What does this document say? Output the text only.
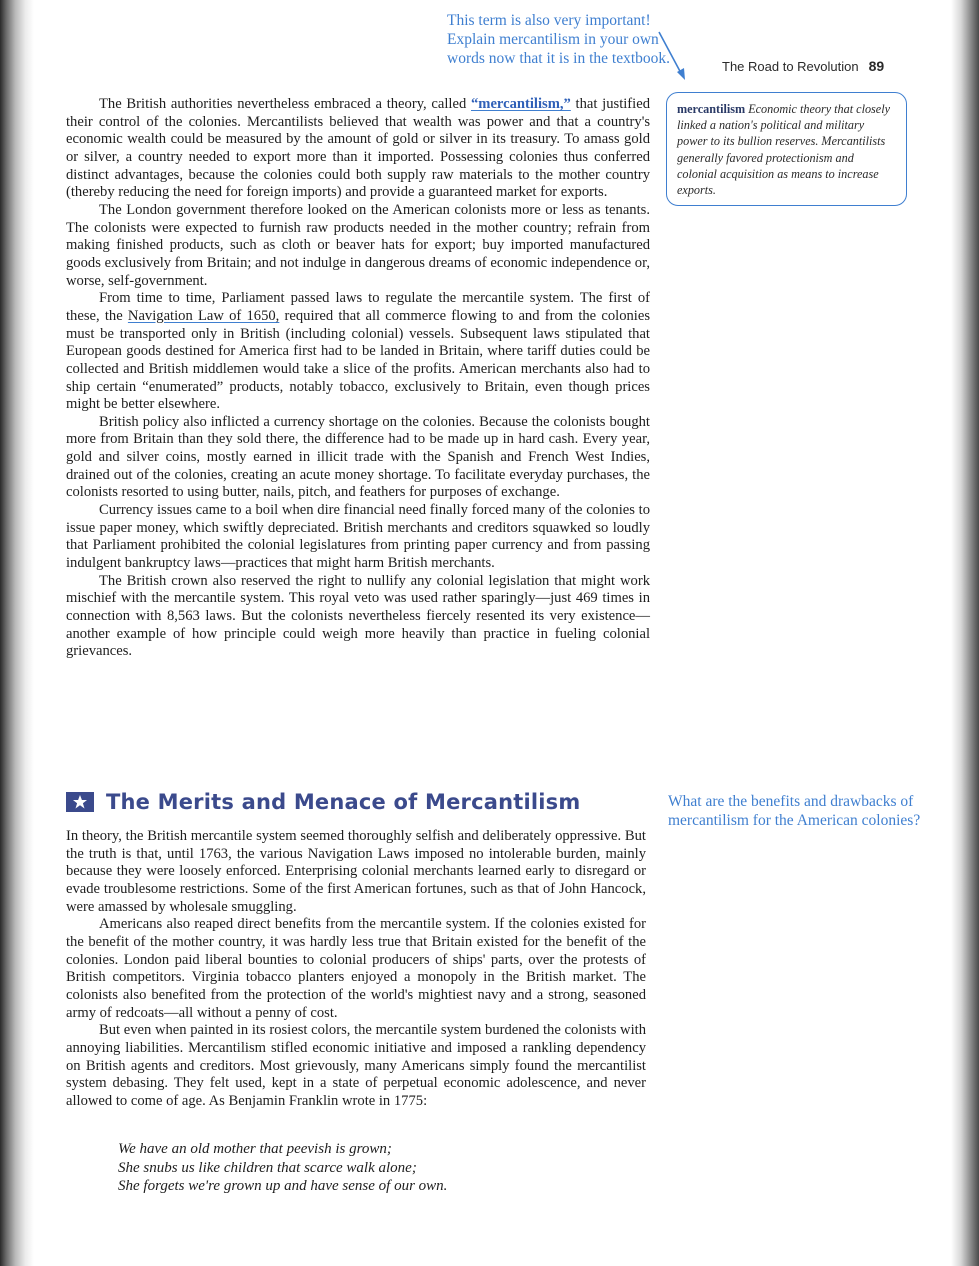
This term is also very important! Explain mercantilism in your own words now that it is in the textbook.	The Road to Revolution 89
mercantilism Economic theory that closely linked a nation's political and military power to its bullion reserves. Mercantilists generally favored protectionism and colonial acquisition as means to increase exports.

The British authorities nevertheless embraced a theory, called “mercantilism,” that justified their control of the colonies. Mercantilists believed that wealth was power and that a country's economic wealth could be measured by the amount of gold or silver in its treasury. To amass gold or silver, a country needed to export more than it imported. Possessing colonies thus conferred distinct advantages, because the colonies could both supply raw materials to the mother country (thereby reducing the need for foreign imports) and provide a guaranteed market for exports.

The London government therefore looked on the American colonists more or less as tenants. The colonists were expected to furnish raw products needed in the mother country; refrain from making finished products, such as cloth or beaver hats for export; buy imported manufactured goods exclusively from Britain; and not indulge in dangerous dreams of economic independence or, worse, self-government.

From time to time, Parliament passed laws to regulate the mercantile system. The first of these, the Navigation Law of 1650, required that all commerce flowing to and from the colonies must be transported only in British (including colonial) vessels. Subsequent laws stipulated that European goods destined for America first had to be landed in Britain, where tariff duties could be collected and British middlemen would take a slice of the profits. American merchants also had to ship certain “enumerated” products, notably tobacco, exclusively to Britain, even though prices might be better elsewhere.

British policy also inflicted a currency shortage on the colonies. Because the colonists bought more from Britain than they sold there, the difference had to be made up in hard cash. Every year, gold and silver coins, mostly earned in illicit trade with the Spanish and French West Indies, drained out of the colonies, creating an acute money shortage. To facilitate everyday purchases, the colonists resorted to using butter, nails, pitch, and feathers for purposes of exchange.

Currency issues came to a boil when dire financial need finally forced many of the colonies to issue paper money, which swiftly depreciated. British merchants and creditors squawked so loudly that Parliament prohibited the colonial legislatures from printing paper currency and from passing indulgent bankruptcy laws—practices that might harm British merchants.

The British crown also reserved the right to nullify any colonial legislation that might work mischief with the mercantile system. This royal veto was used rather sparingly—just 469 times in connection with 8,563 laws. But the colonists nevertheless fiercely resented its very existence—another example of how principle could weigh more heavily than practice in fueling colonial grievances.

The Merits and Menace of Mercantilism	What are the benefits and drawbacks of mercantilism for the American colonies?

In theory, the British mercantile system seemed thoroughly selfish and deliberately oppressive. But the truth is that, until 1763, the various Navigation Laws imposed no intolerable burden, mainly because they were loosely enforced. Enterprising colonial merchants learned early to disregard or evade troublesome restrictions. Some of the first American fortunes, such as that of John Hancock, were amassed by wholesale smuggling.

Americans also reaped direct benefits from the mercantile system. If the colonies existed for the benefit of the mother country, it was hardly less true that Britain existed for the benefit of the colonies. London paid liberal bounties to colonial producers of ships' parts, over the protests of British competitors. Virginia tobacco planters enjoyed a monopoly in the British market. The colonists also benefited from the protection of the world's mightiest navy and a strong, seasoned army of redcoats—all without a penny of cost.

But even when painted in its rosiest colors, the mercantile system burdened the colonists with annoying liabilities. Mercantilism stifled economic initiative and imposed a rankling dependency on British agents and creditors. Most grievously, many Americans simply found the mercantilist system debasing. They felt used, kept in a state of perpetual economic adolescence, and never allowed to come of age. As Benjamin Franklin wrote in 1775:

We have an old mother that peevish is grown;
She snubs us like children that scarce walk alone;
She forgets we're grown up and have sense of our own.
